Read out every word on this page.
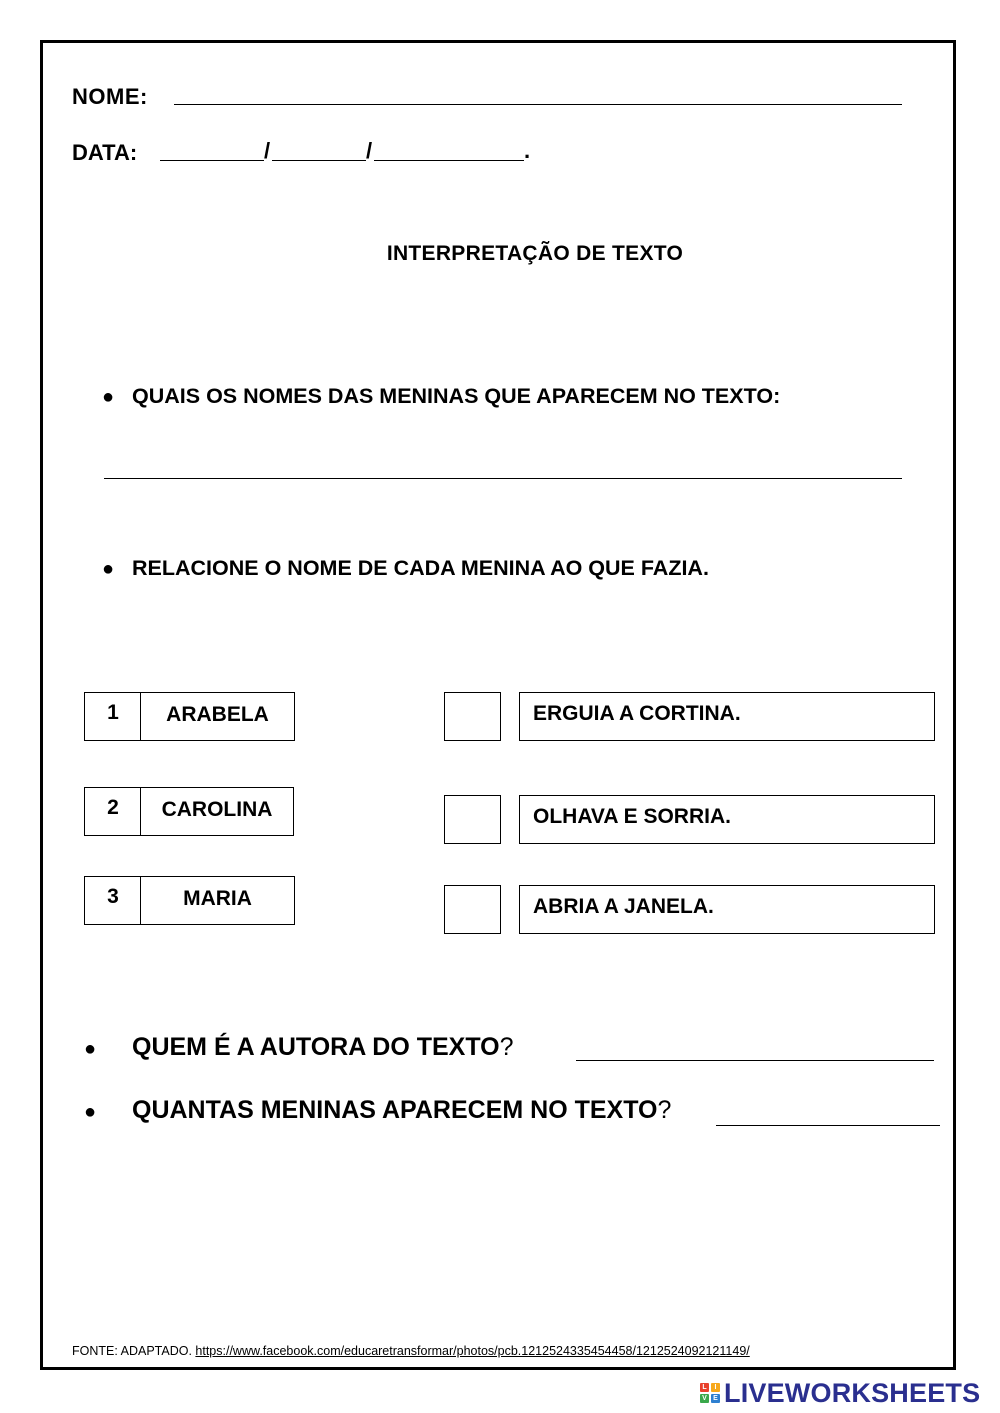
NOME:
DATA:	/	/	.
INTERPRETAÇÃO DE TEXTO
● QUAIS OS NOMES DAS MENINAS QUE APARECEM NO TEXTO:
● RELACIONE O NOME DE CADA MENINA AO QUE FAZIA.
1	ARABELA
2	CAROLINA
3	MARIA
ERGUIA A CORTINA.
OLHAVA E SORRIA.
ABRIA A JANELA.
● QUEM É A AUTORA DO TEXTO?
● QUANTAS MENINAS APARECEM NO TEXTO?
FONTE: ADAPTADO. https://www.facebook.com/educaretransformar/photos/pcb.1212524335454458/1212524092121149/
L	I
V E LIVEWORKSHEETS
